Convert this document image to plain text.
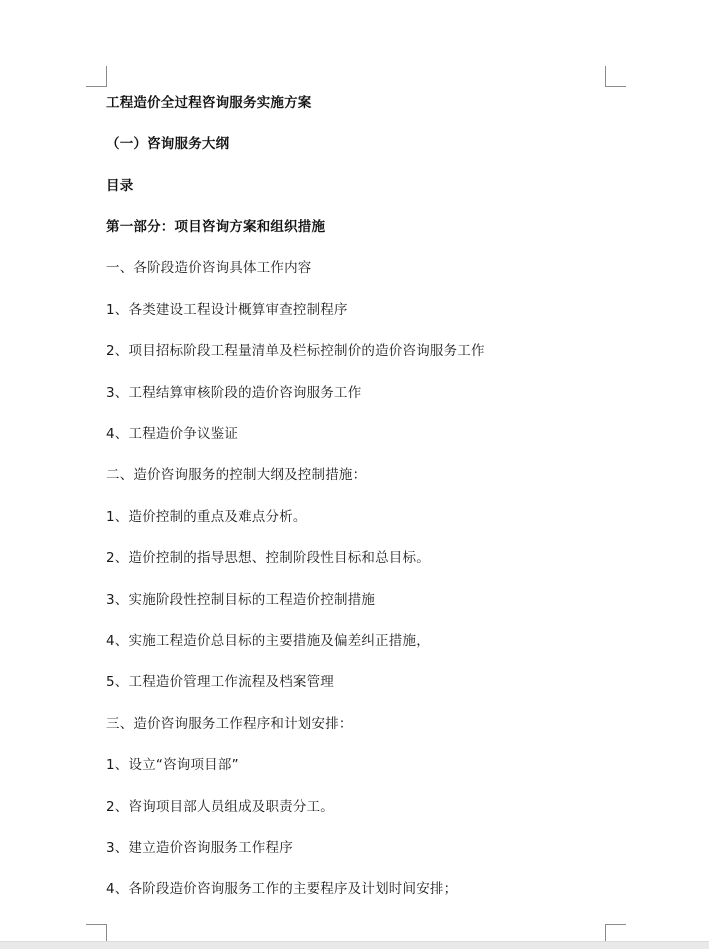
工程造价全过程咨询服务实施方案
（一）咨询服务大纲
目录
第一部分：项目咨询方案和组织措施
一、各阶段造价咨询具体工作内容
1、各类建设工程设计概算审查控制程序
2、项目招标阶段工程量清单及栏标控制价的造价咨询服务工作
3、工程结算审核阶段的造价咨询服务工作
4、工程造价争议鉴证
二、造价咨询服务的控制大纲及控制措施：
1、造价控制的重点及难点分析。
2、造价控制的指导思想、控制阶段性目标和总目标。
3、实施阶段性控制目标的工程造价控制措施
4、实施工程造价总目标的主要措施及偏差纠正措施，
5、工程造价管理工作流程及档案管理
三、造价咨询服务工作程序和计划安排：
1、设立“咨询项目部”
2、咨询项目部人员组成及职责分工。
3、建立造价咨询服务工作程序
4、各阶段造价咨询服务工作的主要程序及计划时间安排；
